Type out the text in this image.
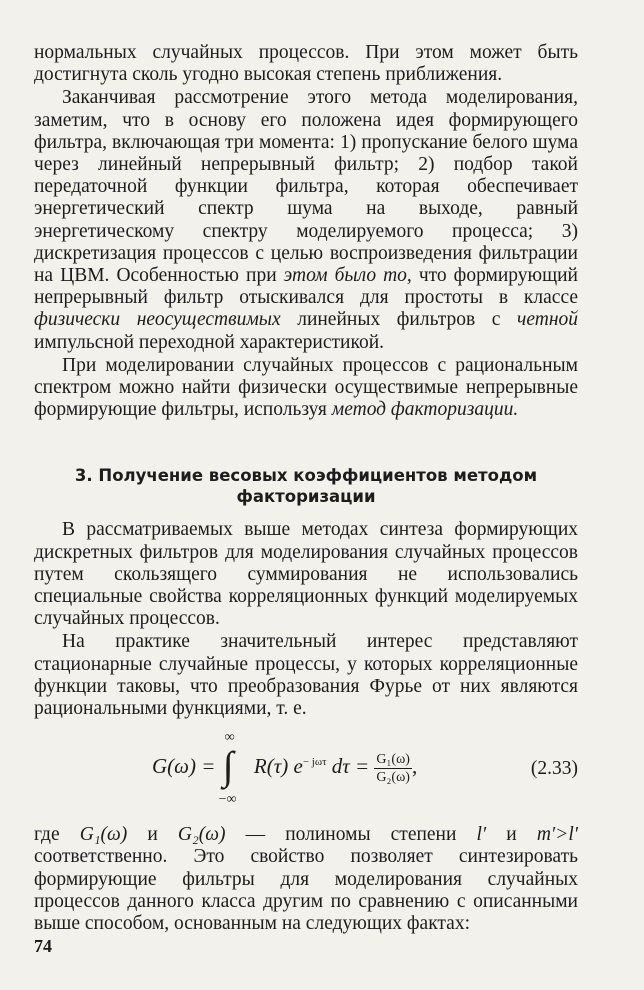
нормальных случайных процессов. При этом может быть достигнута сколь угодно высокая степень приближения.

Заканчивая рассмотрение этого метода моделирования, заметим, что в основу его положена идея формирующего фильтра, включающая три момента: 1) пропускание белого шума через линейный непрерывный фильтр; 2) подбор такой передаточной функции фильтра, которая обеспечивает энергетический спектр шума на выходе, равный энергетическому спектру моделируемого процесса; 3) дискретизация процессов с целью воспроизведения фильтрации на ЦВМ. Особенностью при этом было то, что формирующий непрерывный фильтр отыскивался для простоты в классе физически неосуществимых линейных фильтров с четной импульсной переходной характеристикой.

При моделировании случайных процессов с рациональным спектром можно найти физически осуществимые непрерывные формирующие фильтры, используя метод факторизации.

3. Получение весовых коэффициентов методом
факторизации

В рассматриваемых выше методах синтеза формирующих дискретных фильтров для моделирования случайных процессов путем скользящего суммирования не использовались специальные свойства корреляционных функций моделируемых случайных процессов.

На практике значительный интерес представляют стационарные случайные процессы, у которых корреляционные функции таковы, что преобразования Фурье от них являются рациональными функциями, т. е.

G(ω) =
∞
∫
−∞
R(τ) $e^{- j\omega\tau}$ $d\tau = \frac{\text{G₁(ω)}}{\text{G₂(ω)}}$ ,	(2.33)

где G₁(ω) и G₂(ω) — полиномы степени l′ и m′>l′ соответственно. Это свойство позволяет синтезировать формирующие фильтры для моделирования случайных процессов данного класса другим по сравнению с описанными выше способом, основанным на следующих фактах:

74
